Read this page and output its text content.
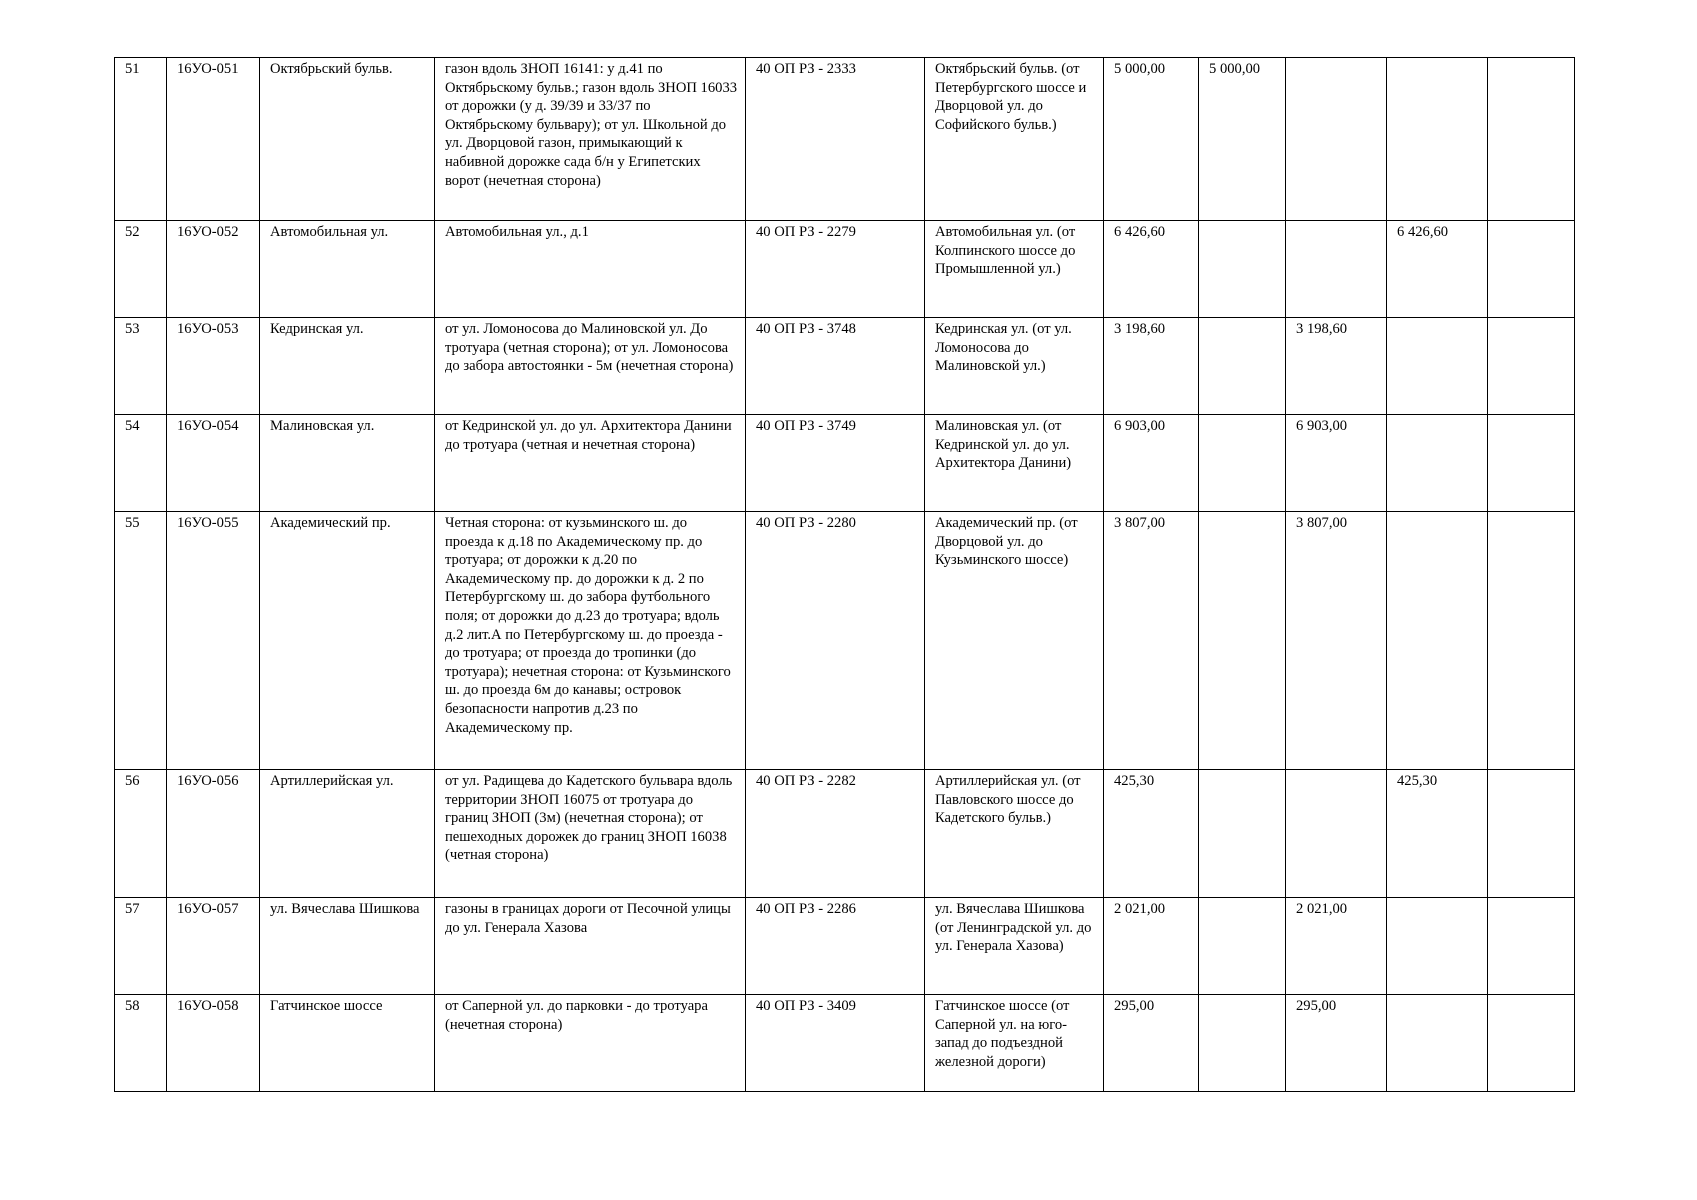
51	16УО-051	Октябрьский бульв.	газон вдоль ЗНОП 16141: у д.41 по Октябрьскому бульв.; газон вдоль ЗНОП 16033 от дорожки (у д. 39/39 и 33/37 по Октябрьскому бульвару); от ул. Школьной до ул. Дворцовой газон, примыкающий к набивной дорожке сада б/н у Египетских ворот (нечетная сторона)	40 ОП РЗ - 2333	Октябрьский бульв. (от Петербургского шоссе и Дворцовой ул. до Софийского бульв.)	5 000,00	5 000,00			
52	16УО-052	Автомобильная ул.	Автомобильная ул., д.1	40 ОП РЗ - 2279	Автомобильная ул. (от Колпинского шоссе до Промышленной ул.)	6 426,60			6 426,60	
53	16УО-053	Кедринская ул.	от ул. Ломоносова до Малиновской ул. До тротуара (четная сторона); от ул. Ломоносова до забора автостоянки - 5м (нечетная сторона)	40 ОП РЗ - 3748	Кедринская ул. (от ул. Ломоносова до Малиновской ул.)	3 198,60		3 198,60		
54	16УО-054	Малиновская ул.	от Кедринской ул. до ул. Архитектора Данини до тротуара (четная и нечетная сторона)	40 ОП РЗ - 3749	Малиновская ул. (от Кедринской ул. до ул. Архитектора Данини)	6 903,00		6 903,00		
55	16УО-055	Академический пр.	Четная сторона: от кузьминского ш. до проезда к д.18 по Академическому пр. до тротуара; от дорожки к д.20 по Академическому пр. до дорожки к д. 2 по Петербургскому ш. до забора футбольного поля; от дорожки до д.23 до тротуара; вдоль д.2 лит.А по Петербургскому ш. до проезда - до тротуара; от проезда до тропинки (до тротуара); нечетная сторона: от Кузьминского ш. до проезда 6м до канавы; островок безопасности напротив д.23 по Академическому пр.	40 ОП РЗ - 2280	Академический пр. (от Дворцовой ул. до Кузьминского шоссе)	3 807,00		3 807,00		
56	16УО-056	Артиллерийская ул.	от ул. Радищева до Кадетского бульвара вдоль территории ЗНОП 16075 от тротуара до границ ЗНОП (3м) (нечетная сторона); от пешеходных дорожек до границ ЗНОП 16038 (четная сторона)	40 ОП РЗ - 2282	Артиллерийская ул. (от Павловского шоссе до Кадетского бульв.)	425,30			425,30	
57	16УО-057	ул. Вячеслава Шишкова	газоны в границах дороги от Песочной улицы до ул. Генерала Хазова	40 ОП РЗ - 2286	ул. Вячеслава Шишкова (от Ленинградской ул. до ул. Генерала Хазова)	2 021,00		2 021,00		
58	16УО-058	Гатчинское шоссе	от Саперной ул. до парковки - до тротуара (нечетная сторона)	40 ОП РЗ - 3409	Гатчинское шоссе (от Саперной ул. на юго-запад до подъездной железной дороги)	295,00		295,00		
